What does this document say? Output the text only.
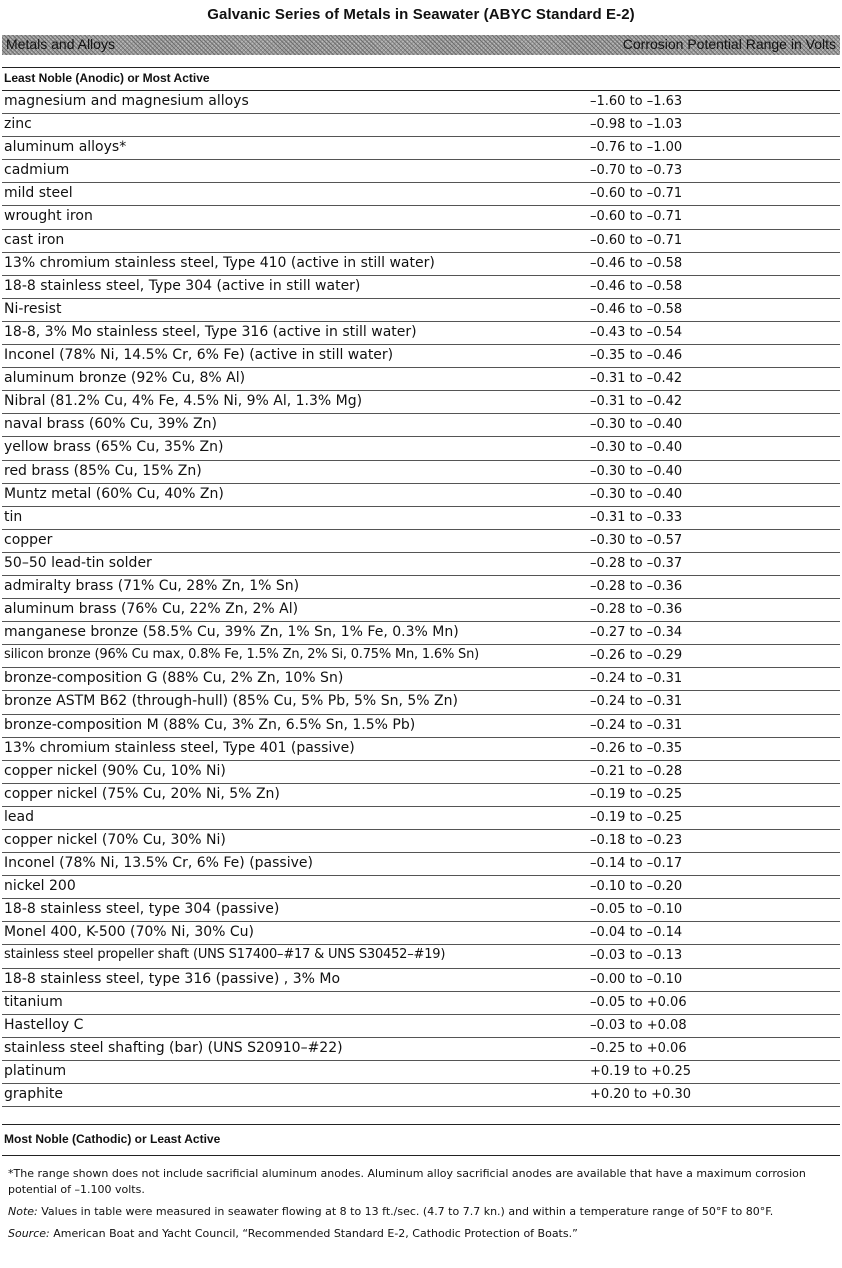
Galvanic Series of Metals in Seawater (ABYC Standard E-2)
Metals and Alloys	Corrosion Potential Range in Volts
Least Noble (Anodic) or Most Active
magnesium and magnesium alloys	–1.60 to –1.63
zinc	–0.98 to –1.03
aluminum alloys*	–0.76 to –1.00
cadmium	–0.70 to –0.73
mild steel	–0.60 to –0.71
wrought iron	–0.60 to –0.71
cast iron	–0.60 to –0.71
13% chromium stainless steel, Type 410 (active in still water)	–0.46 to –0.58
18-8 stainless steel, Type 304 (active in still water)	–0.46 to –0.58
Ni-resist	–0.46 to –0.58
18-8, 3% Mo stainless steel, Type 316 (active in still water)	–0.43 to –0.54
Inconel (78% Ni, 14.5% Cr, 6% Fe) (active in still water)	–0.35 to –0.46
aluminum bronze (92% Cu, 8% Al)	–0.31 to –0.42
Nibral (81.2% Cu, 4% Fe, 4.5% Ni, 9% Al, 1.3% Mg)	–0.31 to –0.42
naval brass (60% Cu, 39% Zn)	–0.30 to –0.40
yellow brass (65% Cu, 35% Zn)	–0.30 to –0.40
red brass (85% Cu, 15% Zn)	–0.30 to –0.40
Muntz metal (60% Cu, 40% Zn)	–0.30 to –0.40
tin	–0.31 to –0.33
copper	–0.30 to –0.57
50–50 lead-tin solder	–0.28 to –0.37
admiralty brass (71% Cu, 28% Zn, 1% Sn)	–0.28 to –0.36
aluminum brass (76% Cu, 22% Zn, 2% Al)	–0.28 to –0.36
manganese bronze (58.5% Cu, 39% Zn, 1% Sn, 1% Fe, 0.3% Mn)	–0.27 to –0.34
silicon bronze (96% Cu max, 0.8% Fe, 1.5% Zn, 2% Si, 0.75% Mn, 1.6% Sn)	–0.26 to –0.29
bronze-composition G (88% Cu, 2% Zn, 10% Sn)	–0.24 to –0.31
bronze ASTM B62 (through-hull) (85% Cu, 5% Pb, 5% Sn, 5% Zn)	–0.24 to –0.31
bronze-composition M (88% Cu, 3% Zn, 6.5% Sn, 1.5% Pb)	–0.24 to –0.31
13% chromium stainless steel, Type 401 (passive)	–0.26 to –0.35
copper nickel (90% Cu, 10% Ni)	–0.21 to –0.28
copper nickel (75% Cu, 20% Ni, 5% Zn)	–0.19 to –0.25
lead	–0.19 to –0.25
copper nickel (70% Cu, 30% Ni)	–0.18 to –0.23
Inconel (78% Ni, 13.5% Cr, 6% Fe) (passive)	–0.14 to –0.17
nickel 200	–0.10 to –0.20
18-8 stainless steel, type 304 (passive)	–0.05 to –0.10
Monel 400, K-500 (70% Ni, 30% Cu)	–0.04 to –0.14
stainless steel propeller shaft (UNS S17400–#17 & UNS S30452–#19)	–0.03 to –0.13
18-8 stainless steel, type 316 (passive) , 3% Mo	–0.00 to –0.10
titanium	–0.05 to +0.06
Hastelloy C	–0.03 to +0.08
stainless steel shafting (bar) (UNS S20910–#22)	–0.25 to +0.06
platinum	+0.19 to +0.25
graphite	+0.20 to +0.30
Most Noble (Cathodic) or Least Active

*The range shown does not include sacrificial aluminum anodes. Aluminum alloy sacrificial anodes are available that have a maximum corrosion potential of –1.100 volts.

Note: Values in table were measured in seawater flowing at 8 to 13 ft./sec. (4.7 to 7.7 kn.) and within a temperature range of 50°F to 80°F.

Source: American Boat and Yacht Council, “Recommended Standard E-2, Cathodic Protection of Boats.”
